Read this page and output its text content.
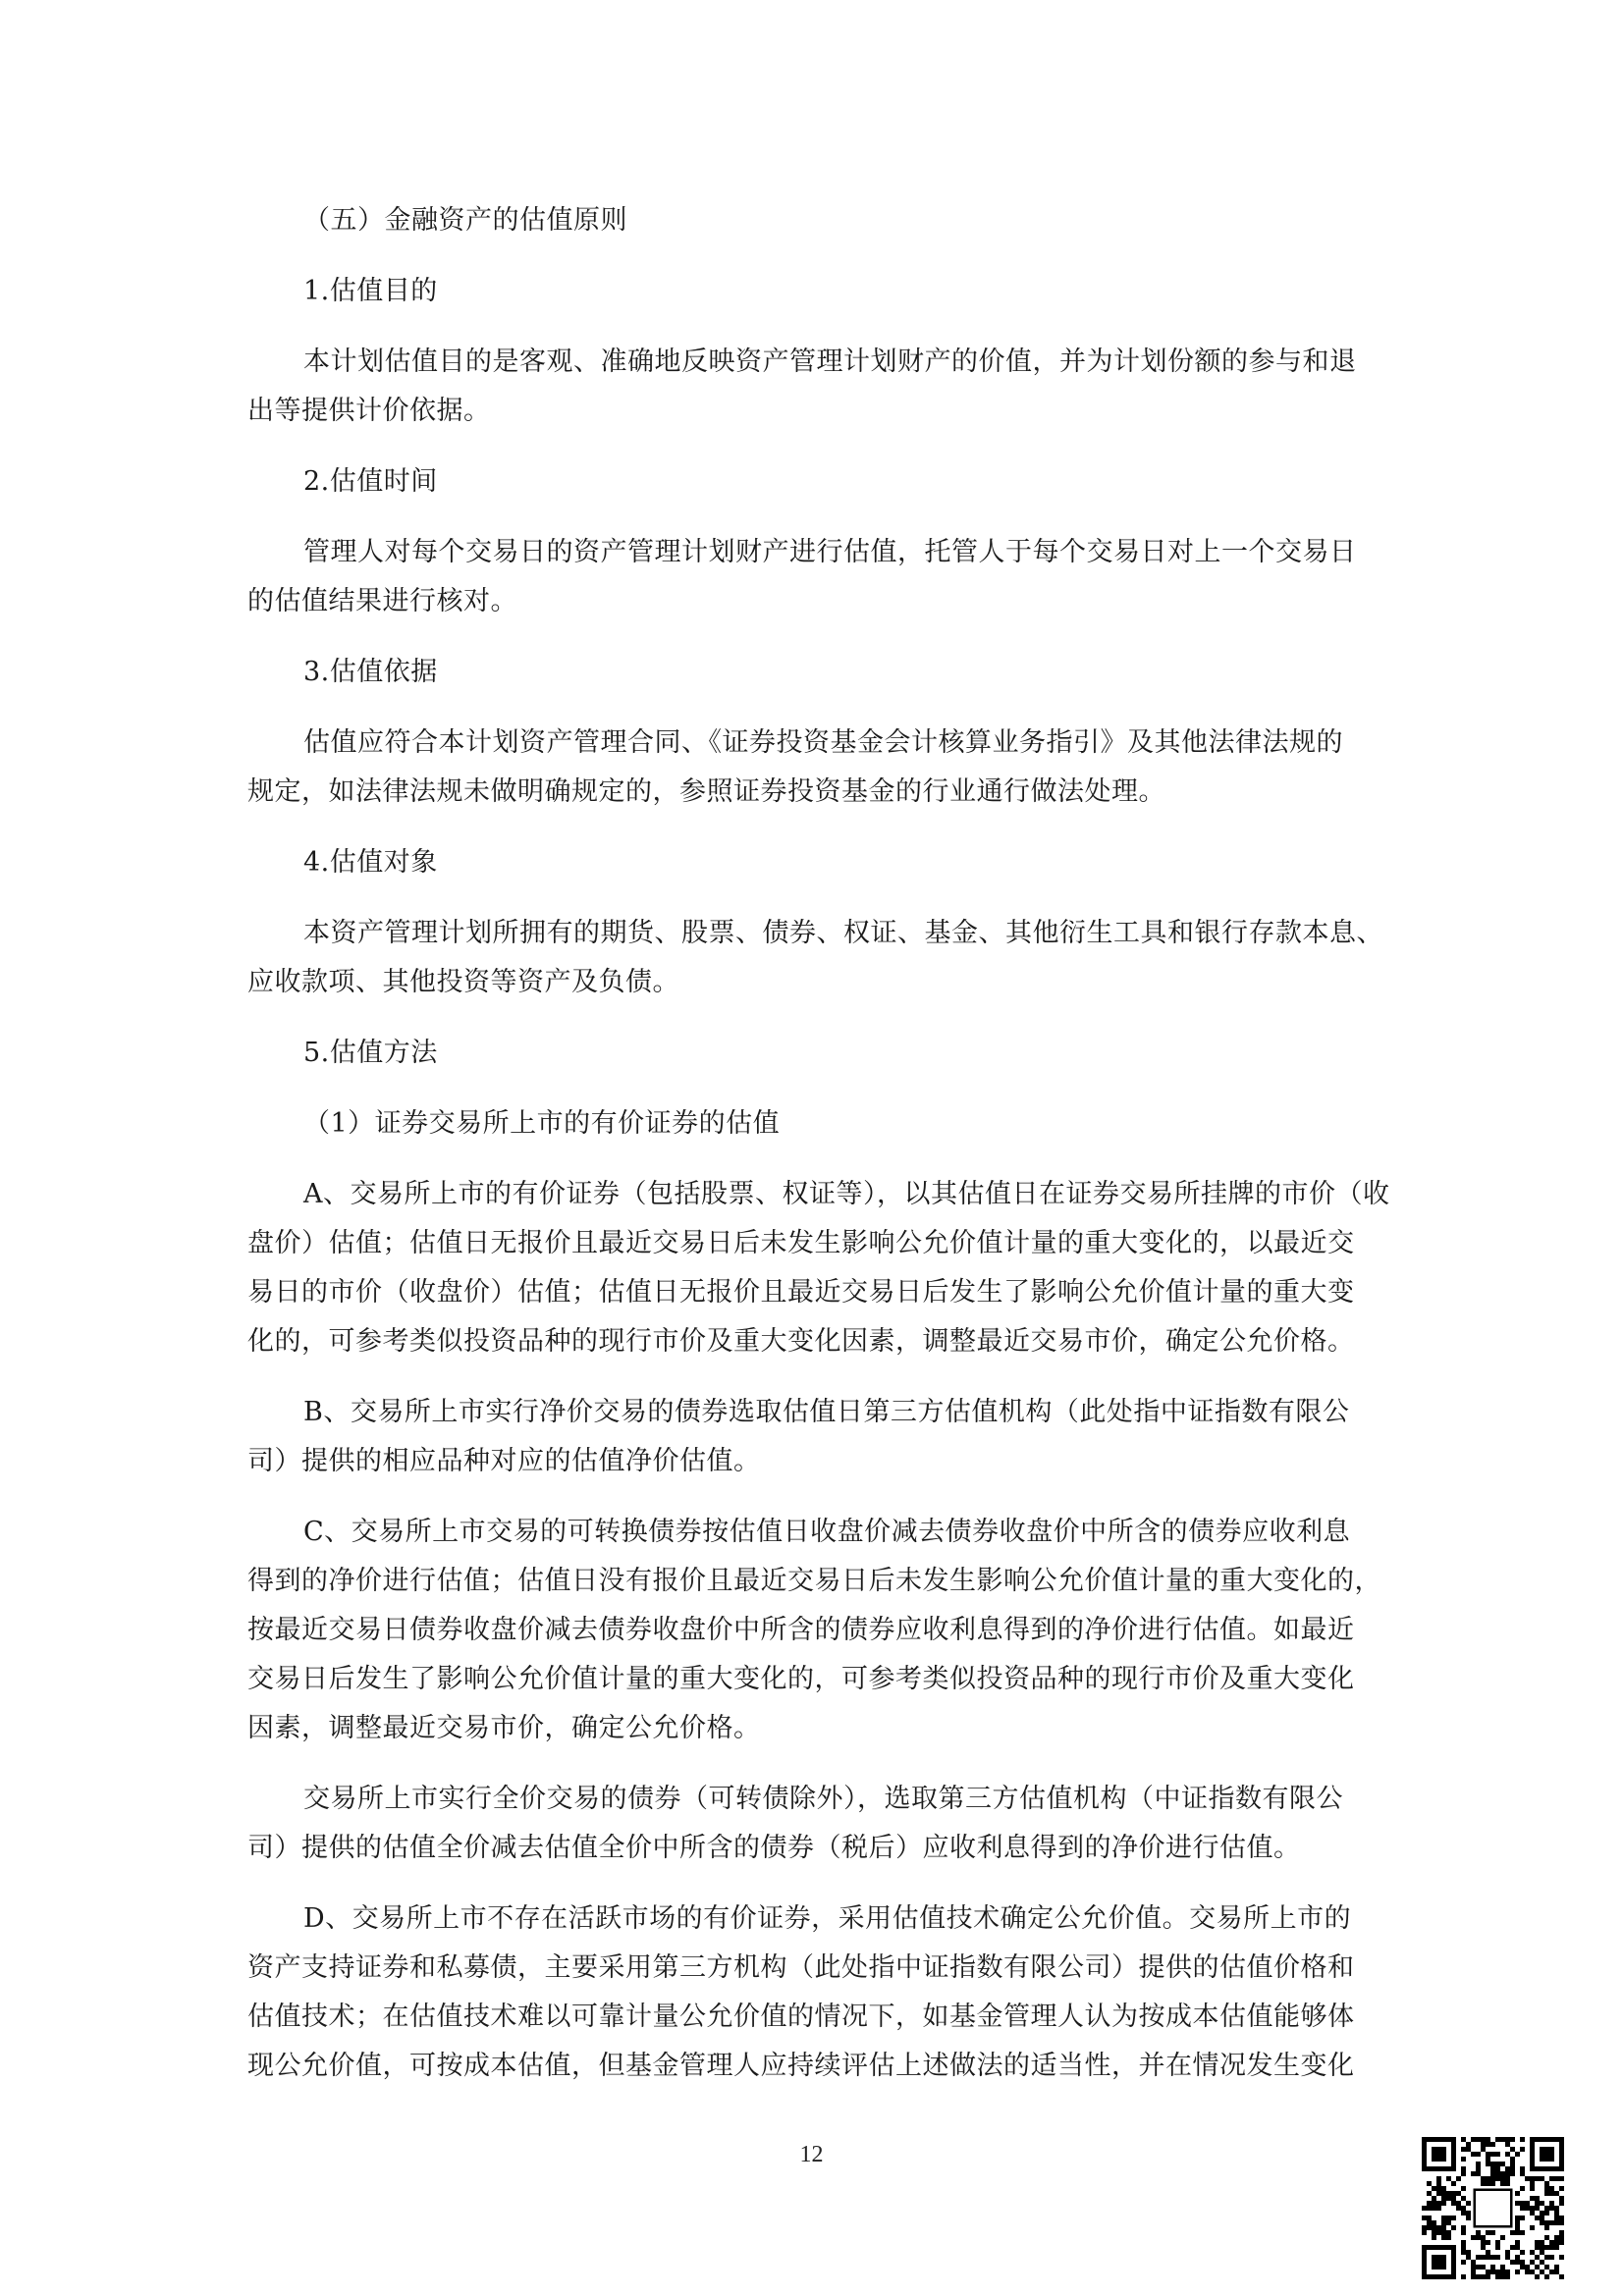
（五）金融资产的估值原则
1.估值目的
本计划估值目的是客观、准确地反映资产管理计划财产的价值，并为计划份额的参与和退
出等提供计价依据。
2.估值时间
管理人对每个交易日的资产管理计划财产进行估值，托管人于每个交易日对上一个交易日
的估值结果进行核对。
3.估值依据
估值应符合本计划资产管理合同、《证券投资基金会计核算业务指引》及其他法律法规的
规定，如法律法规未做明确规定的，参照证券投资基金的行业通行做法处理。
4.估值对象
本资产管理计划所拥有的期货、股票、债券、权证、基金、其他衍生工具和银行存款本息、
应收款项、其他投资等资产及负债。
5.估值方法
（1）证券交易所上市的有价证券的估值
A、交易所上市的有价证券（包括股票、权证等），以其估值日在证券交易所挂牌的市价（收
盘价）估值；估值日无报价且最近交易日后未发生影响公允价值计量的重大变化的，以最近交
易日的市价（收盘价）估值；估值日无报价且最近交易日后发生了影响公允价值计量的重大变
化的，可参考类似投资品种的现行市价及重大变化因素，调整最近交易市价，确定公允价格。
B、交易所上市实行净价交易的债券选取估值日第三方估值机构（此处指中证指数有限公
司）提供的相应品种对应的估值净价估值。
C、交易所上市交易的可转换债券按估值日收盘价减去债券收盘价中所含的债券应收利息
得到的净价进行估值；估值日没有报价且最近交易日后未发生影响公允价值计量的重大变化的，
按最近交易日债券收盘价减去债券收盘价中所含的债券应收利息得到的净价进行估值。如最近
交易日后发生了影响公允价值计量的重大变化的，可参考类似投资品种的现行市价及重大变化
因素，调整最近交易市价，确定公允价格。
交易所上市实行全价交易的债券（可转债除外），选取第三方估值机构（中证指数有限公
司）提供的估值全价减去估值全价中所含的债券（税后）应收利息得到的净价进行估值。
D、交易所上市不存在活跃市场的有价证券，采用估值技术确定公允价值。交易所上市的
资产支持证券和私募债，主要采用第三方机构（此处指中证指数有限公司）提供的估值价格和
估值技术；在估值技术难以可靠计量公允价值的情况下，如基金管理人认为按成本估值能够体
现公允价值，可按成本估值，但基金管理人应持续评估上述做法的适当性，并在情况发生变化
12
